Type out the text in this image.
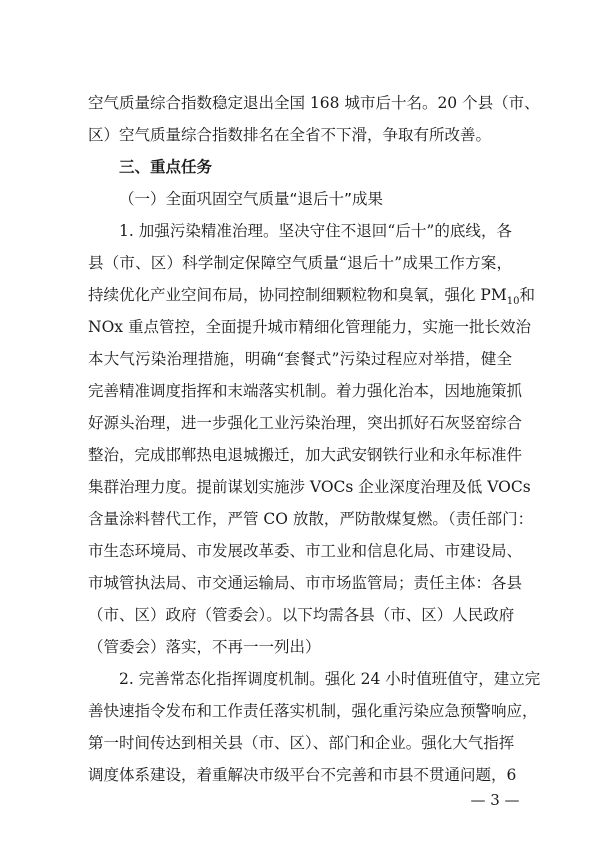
空气质量综合指数稳定退出全国 168 城市后十名。20 个县（市、
区）空气质量综合指数排名在全省不下滑，争取有所改善。
三、重点任务
（一）全面巩固空气质量“退后十”成果
1. 加强污染精准治理。坚决守住不退回“后十”的底线，各
县（市、区）科学制定保障空气质量“退后十”成果工作方案，
持续优化产业空间布局，协同控制细颗粒物和臭氧，强化 $PM_{10}$和
NOx 重点管控，全面提升城市精细化管理能力，实施一批长效治
本大气污染治理措施，明确“套餐式”污染过程应对举措，健全
完善精准调度指挥和末端落实机制。着力强化治本，因地施策抓
好源头治理，进一步强化工业污染治理，突出抓好石灰竖窑综合
整治，完成邯郸热电退城搬迁，加大武安钢铁行业和永年标准件
集群治理力度。提前谋划实施涉 VOCs 企业深度治理及低 VOCs
含量涂料替代工作，严管 CO 放散，严防散煤复燃。（责任部门：
市生态环境局、市发展改革委、市工业和信息化局、市建设局、
市城管执法局、市交通运输局、市市场监管局；责任主体：各县
（市、区）政府（管委会）。以下均需各县（市、区）人民政府
（管委会）落实，不再一一列出）
2. 完善常态化指挥调度机制。强化 24 小时值班值守，建立完
善快速指令发布和工作责任落实机制，强化重污染应急预警响应，
第一时间传达到相关县（市、区）、部门和企业。强化大气指挥
调度体系建设，着重解决市级平台不完善和市县不贯通问题，6
— 3 —
